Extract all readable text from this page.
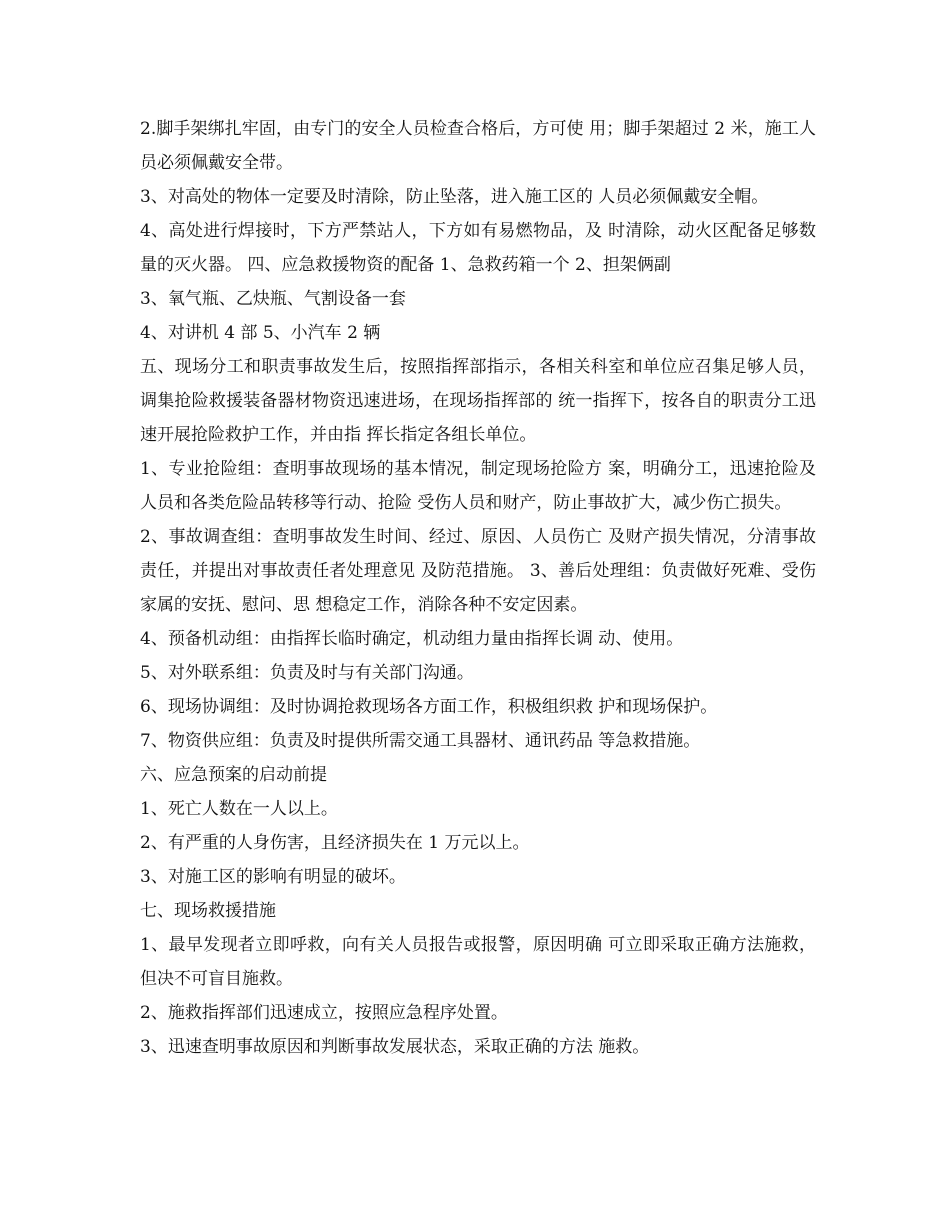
2.脚手架绑扎牢固，由专门的安全人员检查合格后，方可使 用；脚手架超过 2 米，施工人员必须佩戴安全带。

3、对高处的物体一定要及时清除，防止坠落，进入施工区的 人员必须佩戴安全帽。

4、高处进行焊接时，下方严禁站人，下方如有易燃物品，及 时清除，动火区配备足够数量的灭火器。 四、应急救援物资的配备 1、急救药箱一个 2、担架俩副

3、氧气瓶、乙炔瓶、气割设备一套

4、对讲机 4 部 5、小汽车 2 辆

五、现场分工和职责事故发生后，按照指挥部指示，各相关科室和单位应召集足够人员，调集抢险救援装备器材物资迅速进场，在现场指挥部的 统一指挥下，按各自的职责分工迅速开展抢险救护工作，并由指 挥长指定各组长单位。

1、专业抢险组：查明事故现场的基本情况，制定现场抢险方 案，明确分工，迅速抢险及人员和各类危险品转移等行动、抢险 受伤人员和财产，防止事故扩大，减少伤亡损失。

2、事故调查组：查明事故发生时间、经过、原因、人员伤亡 及财产损失情况，分清事故责任，并提出对事故责任者处理意见 及防范措施。 3、善后处理组：负责做好死难、受伤家属的安抚、慰问、思 想稳定工作，消除各种不安定因素。

4、预备机动组：由指挥长临时确定，机动组力量由指挥长调 动、使用。

5、对外联系组：负责及时与有关部门沟通。

6、现场协调组：及时协调抢救现场各方面工作，积极组织救 护和现场保护。

7、物资供应组：负责及时提供所需交通工具器材、通讯药品 等急救措施。

六、应急预案的启动前提

1、死亡人数在一人以上。

2、有严重的人身伤害，且经济损失在 1 万元以上。

3、对施工区的影响有明显的破坏。

七、现场救援措施

1、最早发现者立即呼救，向有关人员报告或报警，原因明确 可立即采取正确方法施救，但决不可盲目施救。

2、施救指挥部们迅速成立，按照应急程序处置。

3、迅速查明事故原因和判断事故发展状态，采取正确的方法 施救。
